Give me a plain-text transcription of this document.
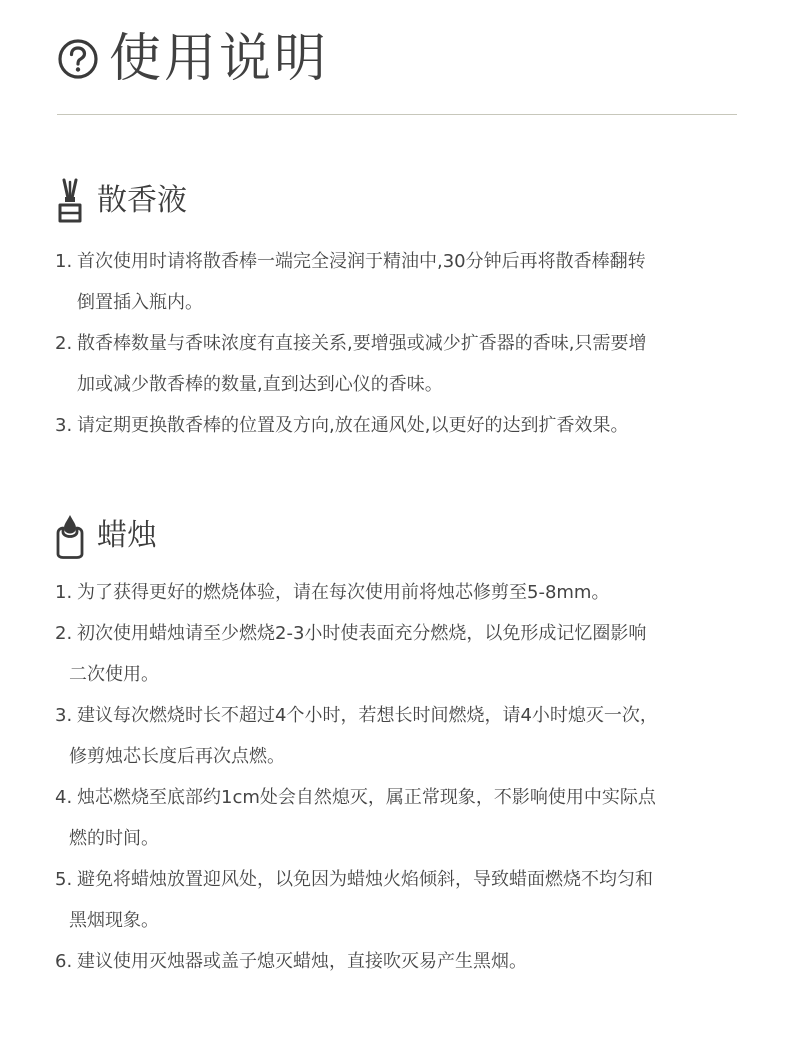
使用说明
散香液
1. 首次使用时请将散香棒一端完全浸润于精油中,30分钟后再将散香棒翻转
倒置插入瓶内。
2. 散香棒数量与香味浓度有直接关系,要增强或减少扩香器的香味,只需要增
加或减少散香棒的数量,直到达到心仪的香味。
3. 请定期更换散香棒的位置及方向,放在通风处,以更好的达到扩香效果。
蜡烛
1. 为了获得更好的燃烧体验，请在每次使用前将烛芯修剪至5-8mm。
2. 初次使用蜡烛请至少燃烧2-3小时使表面充分燃烧，以免形成记忆圈影响
二次使用。
3. 建议每次燃烧时长不超过4个小时，若想长时间燃烧，请4小时熄灭一次，
修剪烛芯长度后再次点燃。
4. 烛芯燃烧至底部约1cm处会自然熄灭，属正常现象，不影响使用中实际点
燃的时间。
5. 避免将蜡烛放置迎风处，以免因为蜡烛火焰倾斜，导致蜡面燃烧不均匀和
黑烟现象。
6. 建议使用灭烛器或盖子熄灭蜡烛，直接吹灭易产生黑烟。
